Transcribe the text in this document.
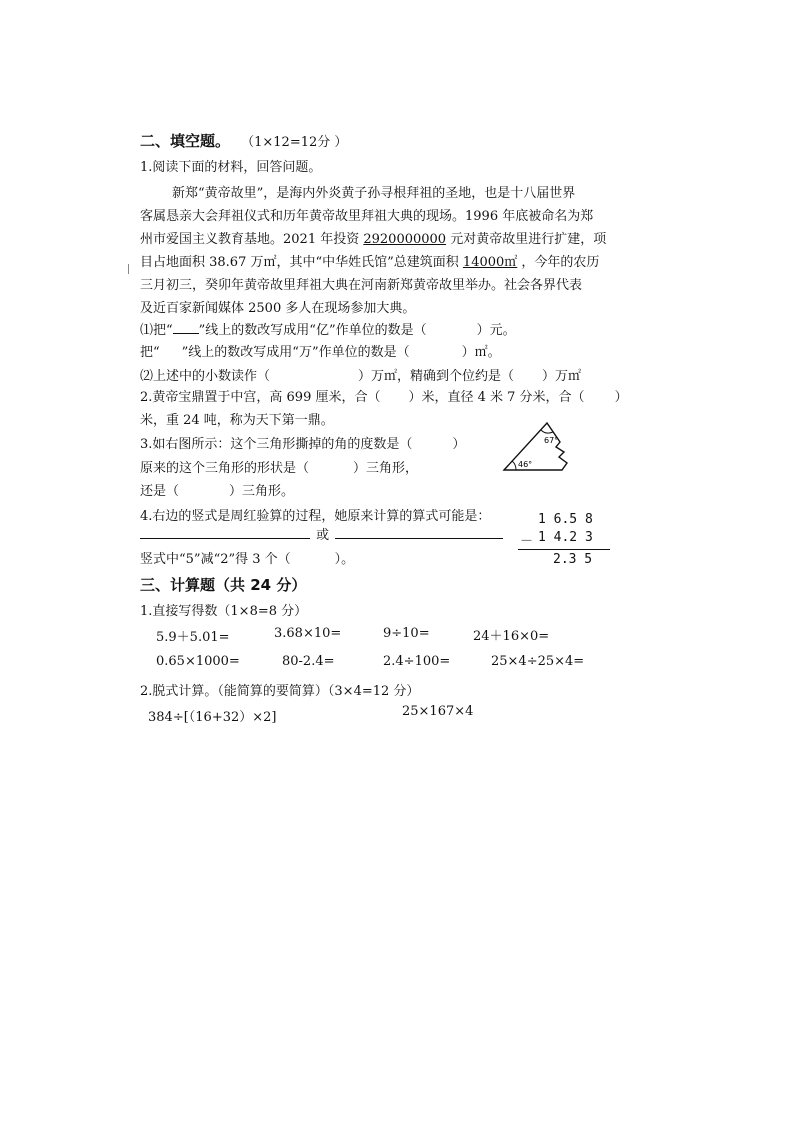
二、填空题。 （1×12=12分 ）
1.阅读下面的材料，回答问题。
新郑“黄帝故里”，是海内外炎黄子孙寻根拜祖的圣地，也是十八届世界
客属恳亲大会拜祖仪式和历年黄帝故里拜祖大典的现场。1996 年底被命名为郑
州市爱国主义教育基地。2021 年投资 2920000000 元对黄帝故里进行扩建，项
目占地面积 38.67 万㎡，其中“中华姓氏馆”总建筑面积 14000㎡ ，今年的农历
三月初三，癸卯年黄帝故里拜祖大典在河南新郑黄帝故里举办。社会各界代表
及近百家新闻媒体 2500 多人在现场参加大典。
⑴把“ ”线上的数改写成用“亿”作单位的数是（	）元。
把“ ”线上的数改写成用“万”作单位的数是（	）㎡。
⑵上述中的小数读作（	）万㎡，精确到个位约是（ ）万㎡
2.黄帝宝鼎置于中宫，高 699 厘米，合（ ）米，直径 4 米 7 分米，合（ ）
米，重 24 吨，称为天下第一鼎。
3.如右图所示：这个三角形撕掉的角的度数是（	）
原来的这个三角形的形状是（	）三角形，
还是（	）三角形。
67°
46°
4.右边的竖式是周红验算的过程，她原来计算的算式可能是：
或
竖式中“5”减“2”得 3 个（	）。
1 6.5 8
－ 1 4.2 3
2.3 5
三、计算题（共 24 分）
1.直接写得数（1×8=8 分）
5.9＋5.01=	3.68×10=	9÷10=	24＋16×0=
0.65×1000=	80-2.4=	2.4÷100=	25×4÷25×4=
2.脱式计算。（能简算的要简算）（3×4=12 分）
384÷[（16+32）×2]	25×167×4
